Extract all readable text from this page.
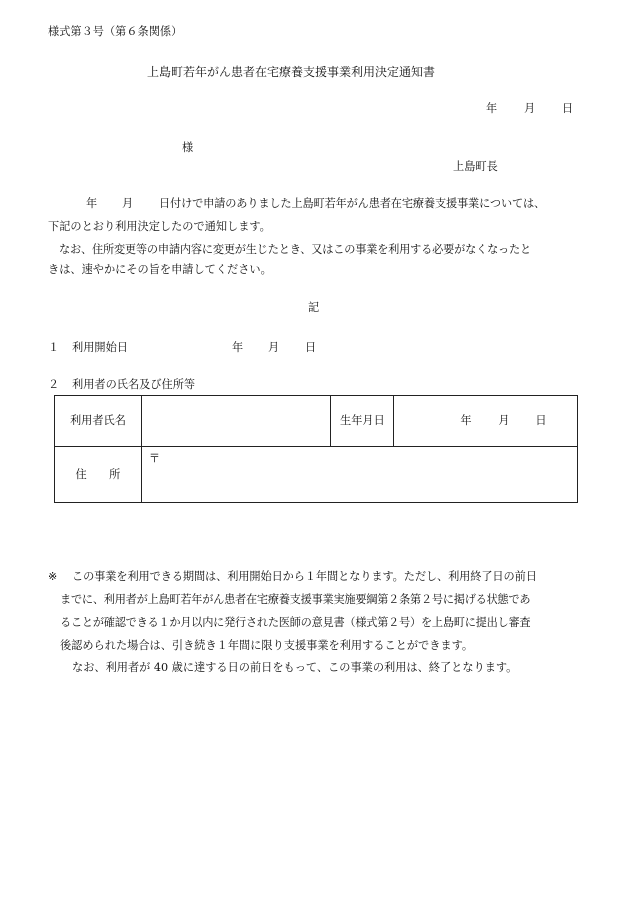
様式第３号（第６条関係）
上島町若年がん患者在宅療養支援事業利用決定通知書
年 月 日
様
上島町長
年 月 日付けで申請のありました上島町若年がん患者在宅療養支援事業については、
下記のとおり利用決定したので通知します。
なお、住所変更等の申請内容に変更が生じたとき、又はこの事業を利用する必要がなくなったと
きは、速やかにその旨を申請してください。
記
１ 利用開始日	年 月 日
２ 利用者の氏名及び住所等
利用者氏名		生年月日	年 月 日

住　　所	〒		
※ この事業を利用できる期間は、利用開始日から１年間となります。ただし、利用終了日の前日
までに、利用者が上島町若年がん患者在宅療養支援事業実施要綱第２条第２号に掲げる状態であ
ることが確認できる１か月以内に発行された医師の意見書（様式第２号）を上島町に提出し審査
後認められた場合は、引き続き１年間に限り支援事業を利用することができます。
なお、利用者が 40 歳に達する日の前日をもって、この事業の利用は、終了となります。
